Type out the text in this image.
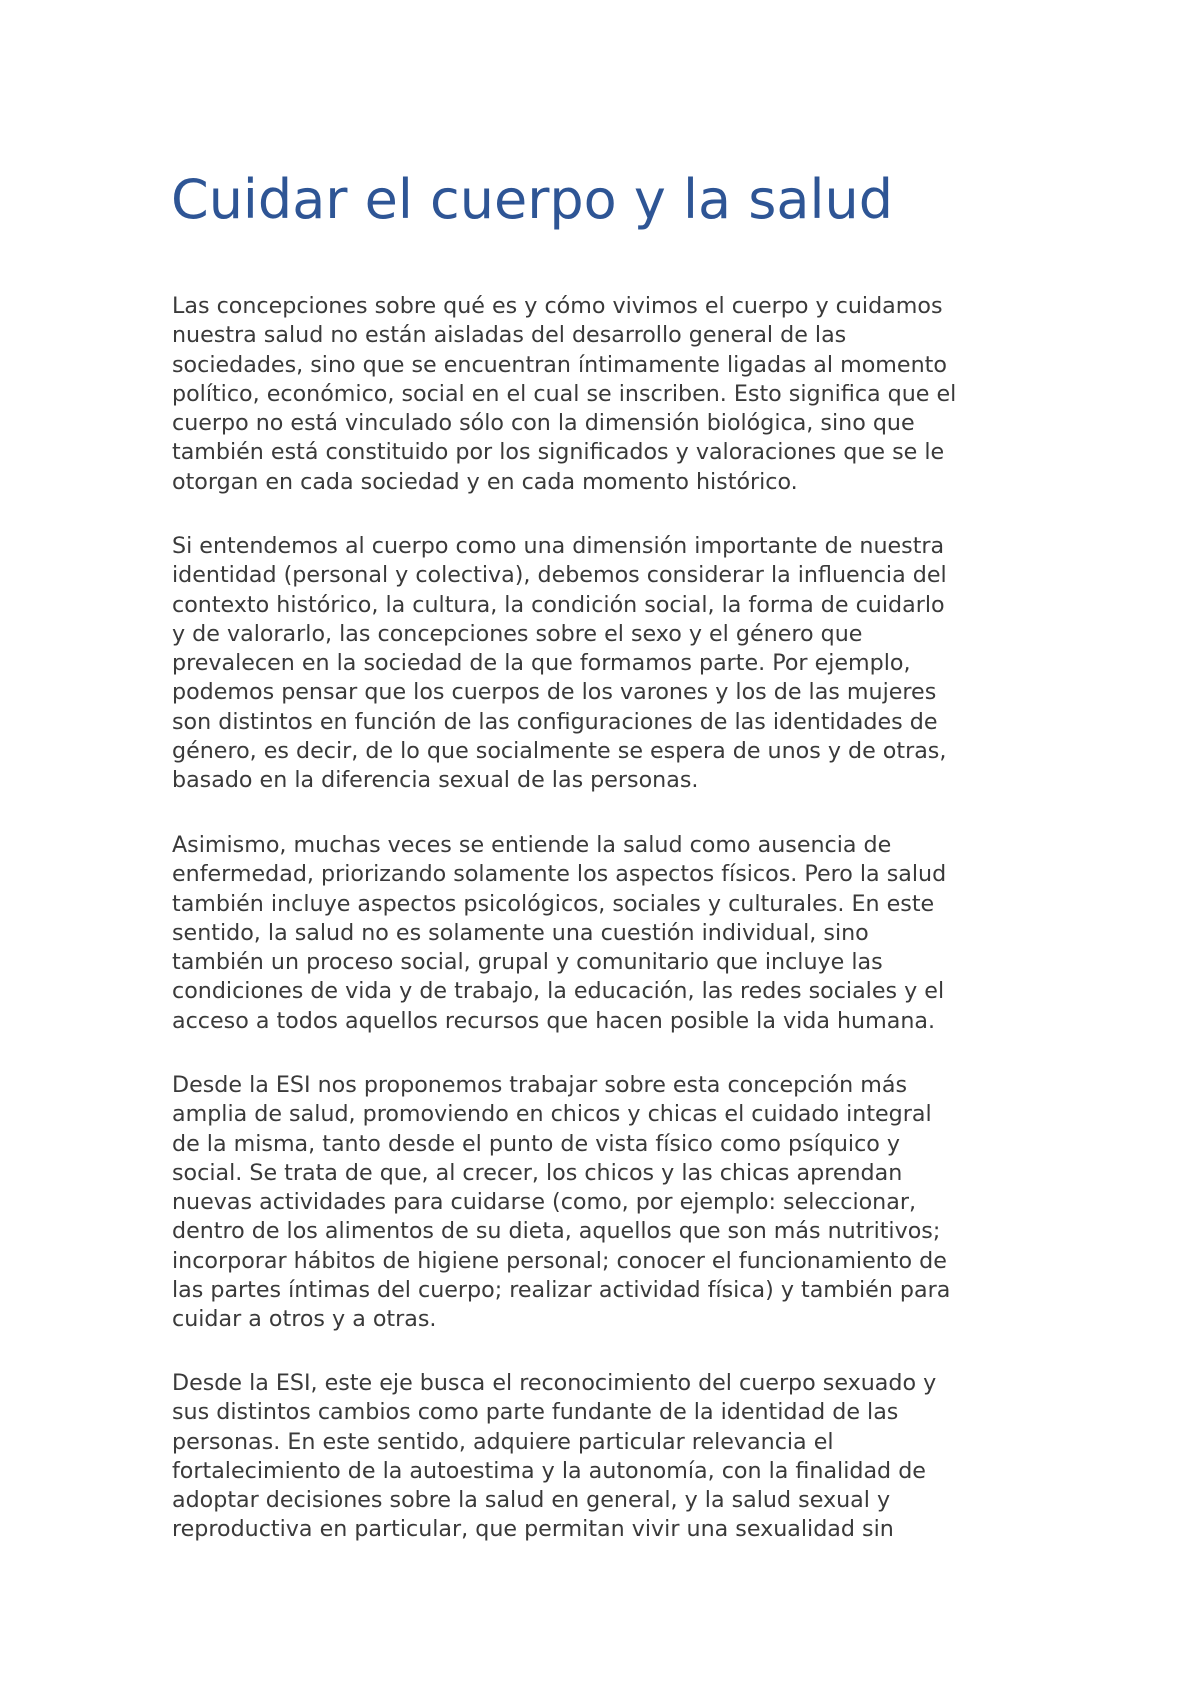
Cuidar el cuerpo y la salud
Las concepciones sobre qué es y cómo vivimos el cuerpo y cuidamos
nuestra salud no están aisladas del desarrollo general de las
sociedades, sino que se encuentran íntimamente ligadas al momento
político, económico, social en el cual se inscriben. Esto significa que el
cuerpo no está vinculado sólo con la dimensión biológica, sino que
también está constituido por los significados y valoraciones que se le
otorgan en cada sociedad y en cada momento histórico.
Si entendemos al cuerpo como una dimensión importante de nuestra
identidad (personal y colectiva), debemos considerar la influencia del
contexto histórico, la cultura, la condición social, la forma de cuidarlo
y de valorarlo, las concepciones sobre el sexo y el género que
prevalecen en la sociedad de la que formamos parte. Por ejemplo,
podemos pensar que los cuerpos de los varones y los de las mujeres
son distintos en función de las configuraciones de las identidades de
género, es decir, de lo que socialmente se espera de unos y de otras,
basado en la diferencia sexual de las personas.
Asimismo, muchas veces se entiende la salud como ausencia de
enfermedad, priorizando solamente los aspectos físicos. Pero la salud
también incluye aspectos psicológicos, sociales y culturales. En este
sentido, la salud no es solamente una cuestión individual, sino
también un proceso social, grupal y comunitario que incluye las
condiciones de vida y de trabajo, la educación, las redes sociales y el
acceso a todos aquellos recursos que hacen posible la vida humana.
Desde la ESI nos proponemos trabajar sobre esta concepción más
amplia de salud, promoviendo en chicos y chicas el cuidado integral
de la misma, tanto desde el punto de vista físico como psíquico y
social. Se trata de que, al crecer, los chicos y las chicas aprendan
nuevas actividades para cuidarse (como, por ejemplo: seleccionar,
dentro de los alimentos de su dieta, aquellos que son más nutritivos;
incorporar hábitos de higiene personal; conocer el funcionamiento de
las partes íntimas del cuerpo; realizar actividad física) y también para
cuidar a otros y a otras.
Desde la ESI, este eje busca el reconocimiento del cuerpo sexuado y
sus distintos cambios como parte fundante de la identidad de las
personas. En este sentido, adquiere particular relevancia el
fortalecimiento de la autoestima y la autonomía, con la finalidad de
adoptar decisiones sobre la salud en general, y la salud sexual y
reproductiva en particular, que permitan vivir una sexualidad sin
